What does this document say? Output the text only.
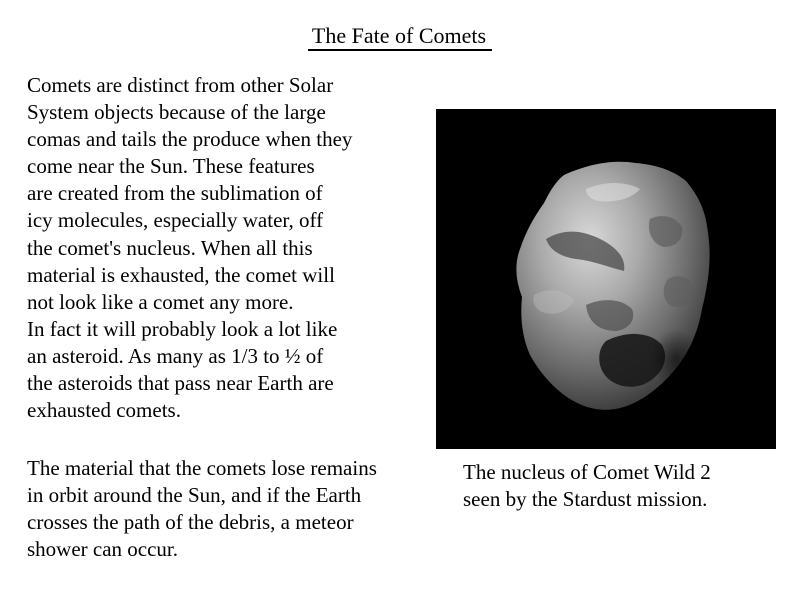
The Fate of Comets
Comets are distinct from other Solar
System objects because of the large
comas and tails the produce when they
come near the Sun. These features
are created from the sublimation of
icy molecules, especially water, off
the comet's nucleus. When all this
material is exhausted, the comet will
not look like a comet any more.
In fact it will probably look a lot like
an asteroid. As many as 1/3 to ½ of
the asteroids that pass near Earth are
exhausted comets.
The material that the comets lose remains
in orbit around the Sun, and if the Earth
crosses the path of the debris, a meteor
shower can occur.
The nucleus of Comet Wild 2
seen by the Stardust mission.
